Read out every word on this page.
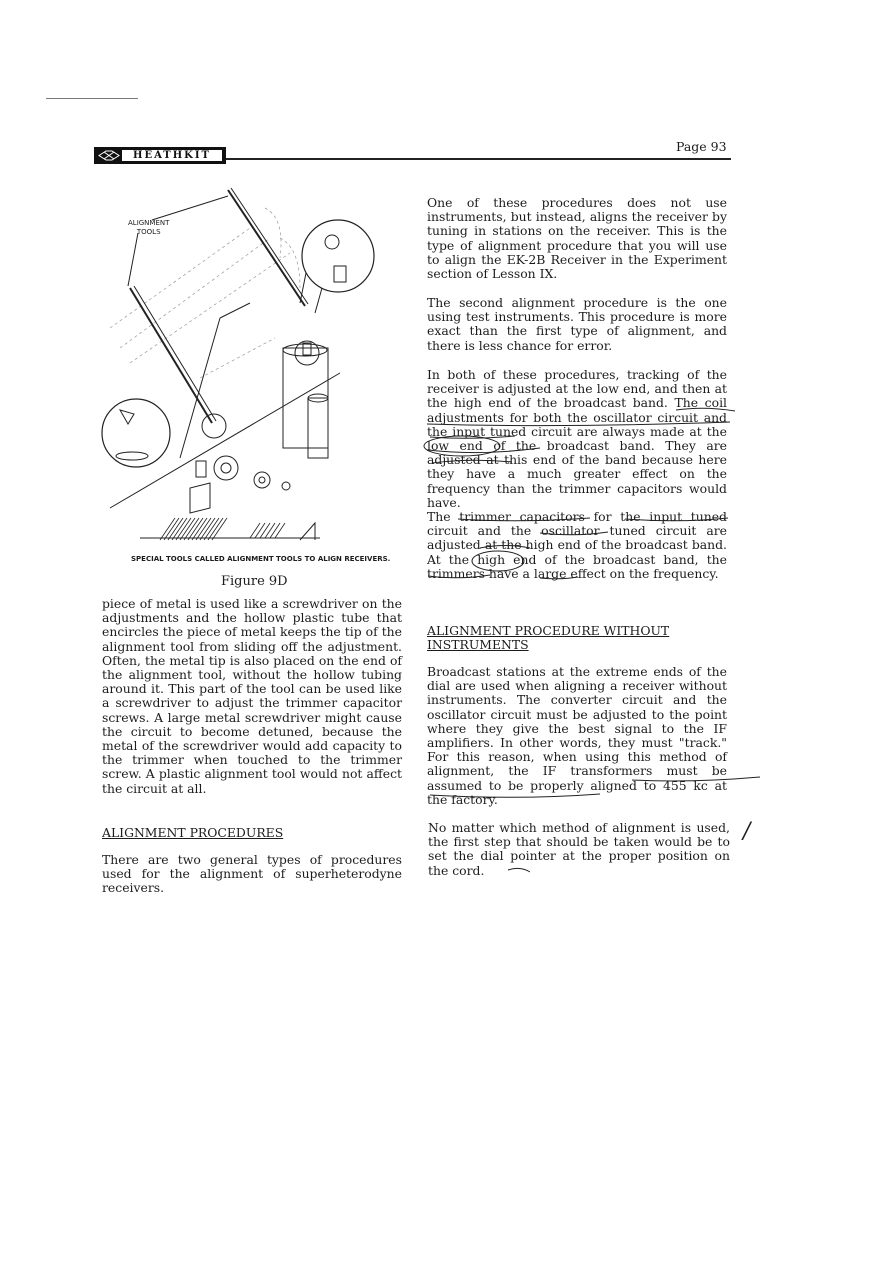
HEATHKIT
Page 93
ALIGNMENT
TOOLS
SPECIAL TOOLS CALLED ALIGNMENT TOOLS TO ALIGN RECEIVERS.
Figure 9D

piece of metal is used like a screwdriver on the adjustments and the hollow plastic tube that encircles the piece of metal keeps the tip of the alignment tool from sliding off the adjustment. Often, the metal tip is also placed on the end of the alignment tool, without the hollow tubing around it. This part of the tool can be used like a screwdriver to adjust the trimmer capacitor screws. A large metal screwdriver might cause the circuit to become detuned, because the metal of the screwdriver would add capacity to the trimmer when touched to the trimmer screw. A plastic alignment tool would not affect the circuit at all.

ALIGNMENT PROCEDURES

There are two general types of procedures used for the alignment of superheterodyne receivers.

One of these procedures does not use instruments, but instead, aligns the receiver by tuning in stations on the receiver. This is the type of alignment procedure that you will use to align the EK-2B Receiver in the Experiment section of Lesson IX.

The second alignment procedure is the one using test instruments. This procedure is more exact than the first type of alignment, and there is less chance for error.

In both of these procedures, tracking of the receiver is adjusted at the low end, and then at the high end of the broadcast band. The coil adjustments for both the oscillator circuit and the input tuned circuit are always made at the low end of the broadcast band. They are adjusted at this end of the band because here they have a much greater effect on the frequency than the trimmer capacitors would have.

The trimmer capacitors for the input tuned circuit and the oscillator tuned circuit are adjusted at the high end of the broadcast band. At the high end of the broadcast band, the trimmers have a large effect on the frequency.

ALIGNMENT PROCEDURE WITHOUT INSTRUMENTS

Broadcast stations at the extreme ends of the dial are used when aligning a receiver without instruments. The converter circuit and the oscillator circuit must be adjusted to the point where they give the best signal to the IF amplifiers. In other words, they must "track." For this reason, when using this method of alignment, the IF transformers must be assumed to be properly aligned to 455 kc at the factory.

No matter which method of alignment is used, the first step that should be taken would be to set the dial pointer at the proper position on the cord.

/
